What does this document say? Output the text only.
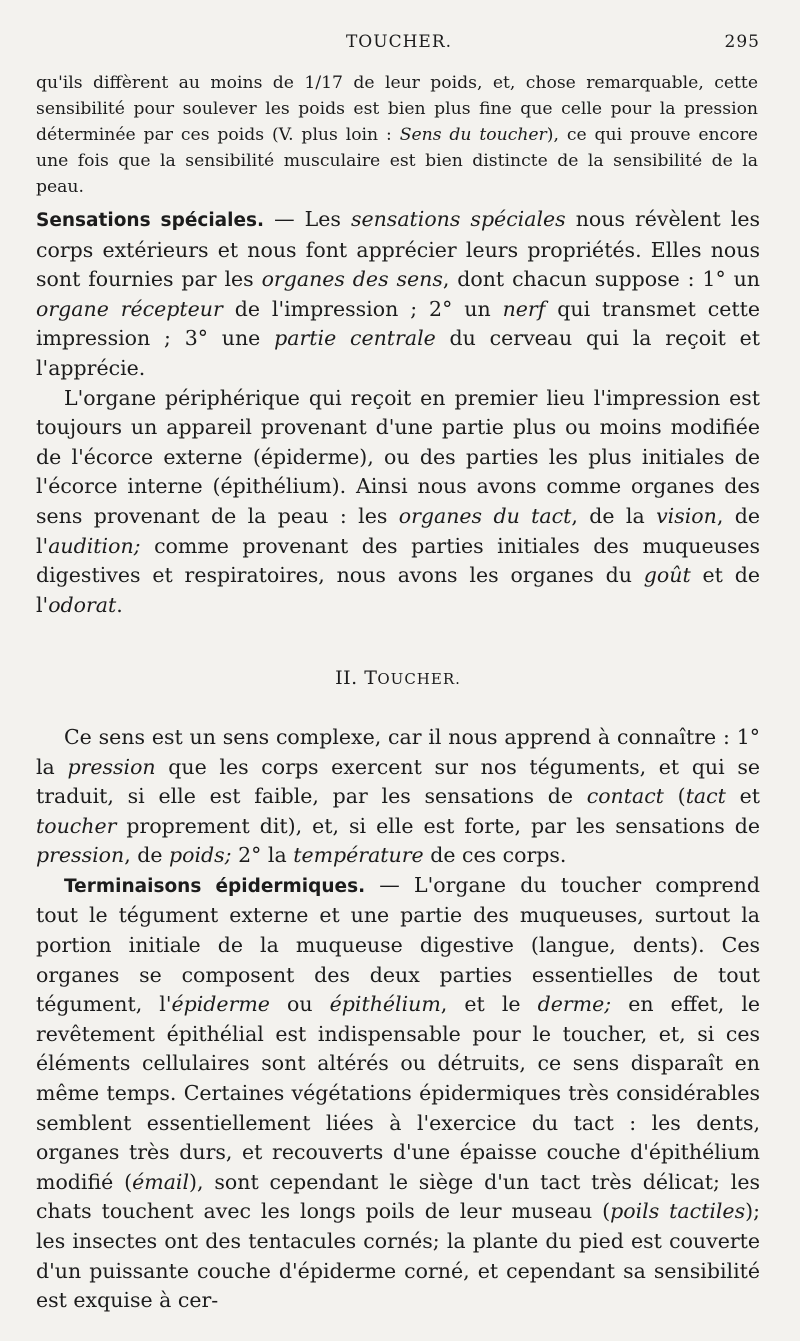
TOUCHER.	295

qu'ils diffèrent au moins de 1/17 de leur poids, et, chose remarquable, cette sensibilité pour soulever les poids est bien plus fine que celle pour la pression déterminée par ces poids (V. plus loin : Sens du toucher), ce qui prouve encore une fois que la sensibilité musculaire est bien distincte de la sensibilité de la peau.

Sensations spéciales. — Les sensations spéciales nous révèlent les corps extérieurs et nous font apprécier leurs propriétés. Elles nous sont fournies par les organes des sens, dont chacun suppose : 1° un organe récepteur de l'impression ; 2° un nerf qui transmet cette impression ; 3° une partie centrale du cerveau qui la reçoit et l'apprécie.

L'organe périphérique qui reçoit en premier lieu l'impression est toujours un appareil provenant d'une partie plus ou moins modifiée de l'écorce externe (épiderme), ou des parties les plus initiales de l'écorce interne (épithélium). Ainsi nous avons comme organes des sens provenant de la peau : les organes du tact, de la vision, de l'audition; comme provenant des parties initiales des muqueuses digestives et respiratoires, nous avons les organes du goût et de l'odorat.

II. TOUCHER.

Ce sens est un sens complexe, car il nous apprend à connaître : 1° la pression que les corps exercent sur nos téguments, et qui se traduit, si elle est faible, par les sensations de contact (tact et toucher proprement dit), et, si elle est forte, par les sensations de pression, de poids; 2° la température de ces corps.

Terminaisons épidermiques. — L'organe du toucher comprend tout le tégument externe et une partie des muqueuses, surtout la portion initiale de la muqueuse digestive (langue, dents). Ces organes se composent des deux parties essentielles de tout tégument, l'épiderme ou épithélium, et le derme; en effet, le revêtement épithélial est indispensable pour le toucher, et, si ces éléments cellulaires sont altérés ou détruits, ce sens disparaît en même temps. Certaines végétations épidermiques très considérables semblent essentiellement liées à l'exercice du tact : les dents, organes très durs, et recouverts d'une épaisse couche d'épithélium modifié (émail), sont cependant le siège d'un tact très délicat; les chats touchent avec les longs poils de leur museau (poils tactiles); les insectes ont des tentacules cornés; la plante du pied est couverte d'un puissante couche d'épiderme corné, et cependant sa sensibilité est exquise à cer-
